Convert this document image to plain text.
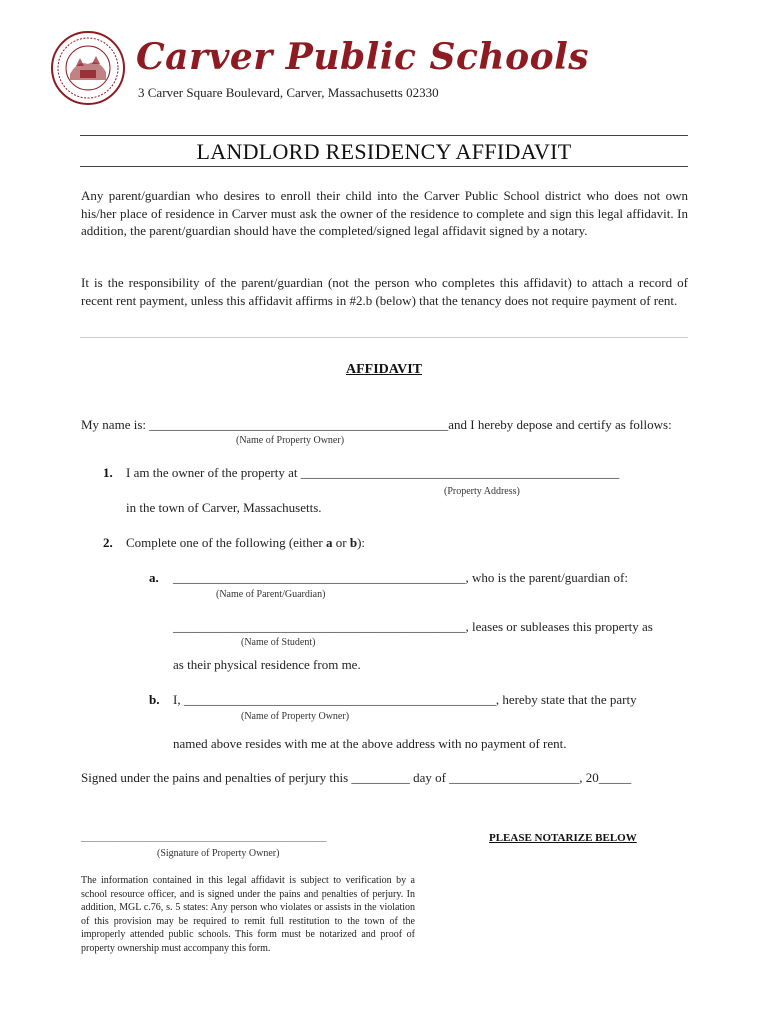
Carver Public Schools
3 Carver Square Boulevard, Carver, Massachusetts 02330
LANDLORD RESIDENCY AFFIDAVIT
Any parent/guardian who desires to enroll their child into the Carver Public School district who does not own his/her place of residence in Carver must ask the owner of the residence to complete and sign this legal affidavit. In addition, the parent/guardian should have the completed/signed legal affidavit signed by a notary.
It is the responsibility of the parent/guardian (not the person who completes this affidavit) to attach a record of recent rent payment, unless this affidavit affirms in #2.b (below) that the tenancy does not require payment of rent.
AFFIDAVIT
My name is: ______________________________________________and I hereby depose and certify as follows:
(Name of Property Owner)
1. I am the owner of the property at _________________________________________________
(Property Address)
in the town of Carver, Massachusetts.
2. Complete one of the following (either a or b):
a. _____________________________________________, who is the parent/guardian of:
(Name of Parent/Guardian)
_____________________________________________, leases or subleases this property as
(Name of Student)
as their physical residence from me.
b. I, ________________________________________________, hereby state that the party
(Name of Property Owner)
named above resides with me at the above address with no payment of rent.
Signed under the pains and penalties of perjury this _________ day of ____________________, 20_____
______________________________________________________________________
(Signature of Property Owner)
PLEASE NOTARIZE BELOW
The information contained in this legal affidavit is subject to verification by a school resource officer, and is signed under the pains and penalties of perjury. In addition, MGL c.76, s. 5 states: Any person who violates or assists in the violation of this provision may be required to remit full restitution to the town of the improperly attended public schools. This form must be notarized and proof of property ownership must accompany this form.
